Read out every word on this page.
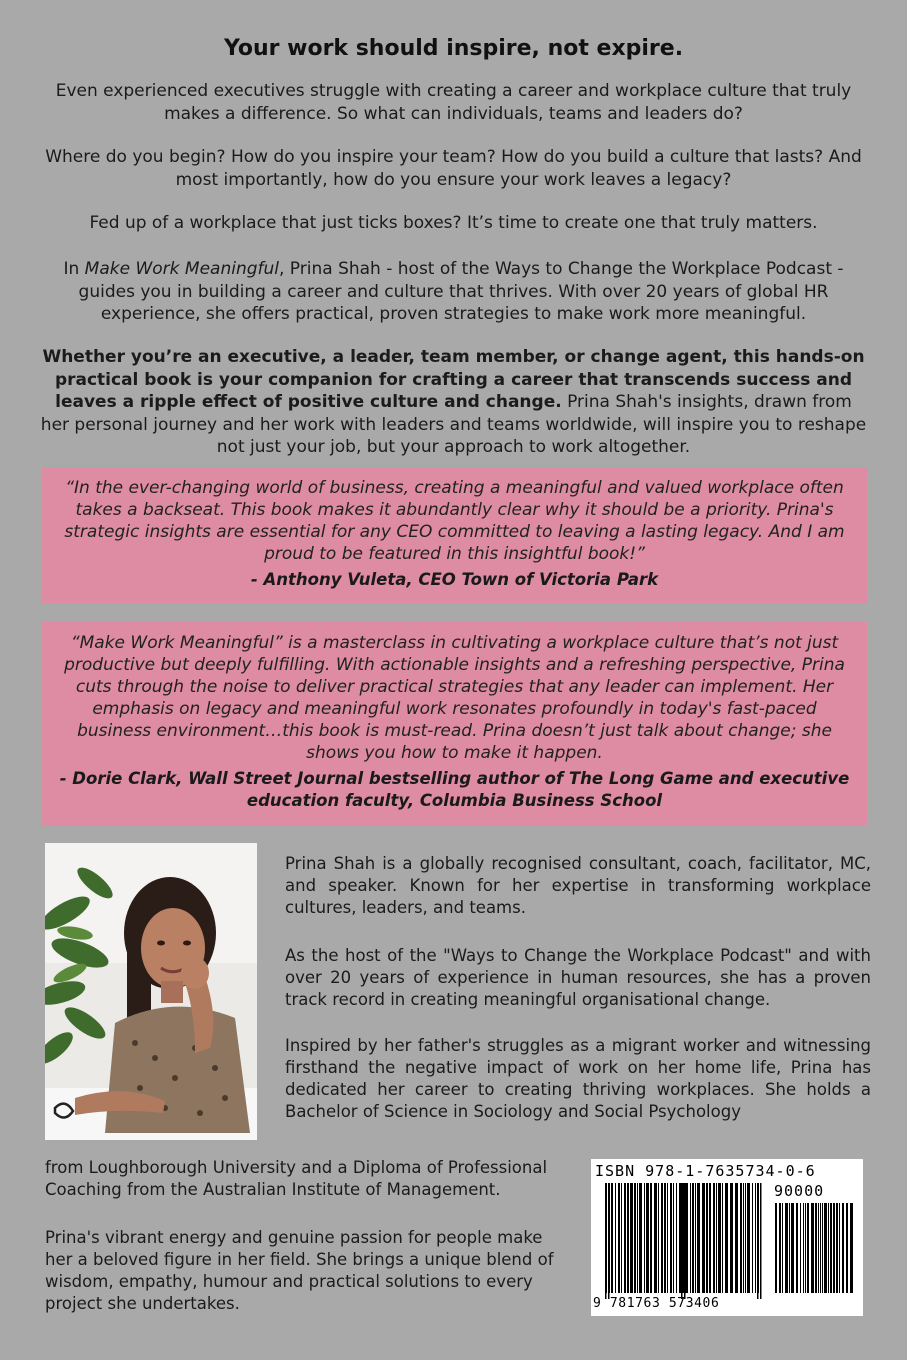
Your work should inspire, not expire.
Even experienced executives struggle with creating a career and workplace culture that truly makes a difference. So what can individuals, teams and leaders do?
Where do you begin? How do you inspire your team? How do you build a culture that lasts? And most importantly, how do you ensure your work leaves a legacy?
Fed up of a workplace that just ticks boxes? It’s time to create one that truly matters.
In Make Work Meaningful, Prina Shah - host of the Ways to Change the Workplace Podcast - guides you in building a career and culture that thrives. With over 20 years of global HR experience, she offers practical, proven strategies to make work more meaningful.
Whether you’re an executive, a leader, team member, or change agent, this hands-on practical book is your companion for crafting a career that transcends success and leaves a ripple effect of positive culture and change. Prina Shah's insights, drawn from her personal journey and her work with leaders and teams worldwide, will inspire you to reshape not just your job, but your approach to work altogether.
“In the ever-changing world of business, creating a meaningful and valued workplace often takes a backseat. This book makes it abundantly clear why it should be a priority. Prina's strategic insights are essential for any CEO committed to leaving a lasting legacy. And I am proud to be featured in this insightful book!”
- Anthony Vuleta, CEO Town of Victoria Park
“Make Work Meaningful” is a masterclass in cultivating a workplace culture that’s not just productive but deeply fulfilling. With actionable insights and a refreshing perspective, Prina cuts through the noise to deliver practical strategies that any leader can implement. Her emphasis on legacy and meaningful work resonates profoundly in today's fast-paced business environment…this book is must-read. Prina doesn’t just talk about change; she shows you how to make it happen.
- Dorie Clark, Wall Street Journal bestselling author of The Long Game and executive education faculty, Columbia Business School
Prina Shah is a globally recognised consultant, coach, facilitator, MC, and speaker. Known for her expertise in transforming workplace cultures, leaders, and teams.
As the host of the "Ways to Change the Workplace Podcast" and with over 20 years of experience in human resources, she has a proven track record in creating meaningful organisational change.
Inspired by her father's struggles as a migrant worker and witnessing firsthand the negative impact of work on her home life, Prina has dedicated her career to creating thriving workplaces. She holds a Bachelor of Science in Sociology and Social Psychology
from Loughborough University and a Diploma of Professional Coaching from the Australian Institute of Management.
Prina's vibrant energy and genuine passion for people make her a beloved figure in her field. She brings a unique blend of wisdom, empathy, humour and practical solutions to every project she undertakes.
ISBN 978-1-7635734-0-6
90000
9 781763 573406
